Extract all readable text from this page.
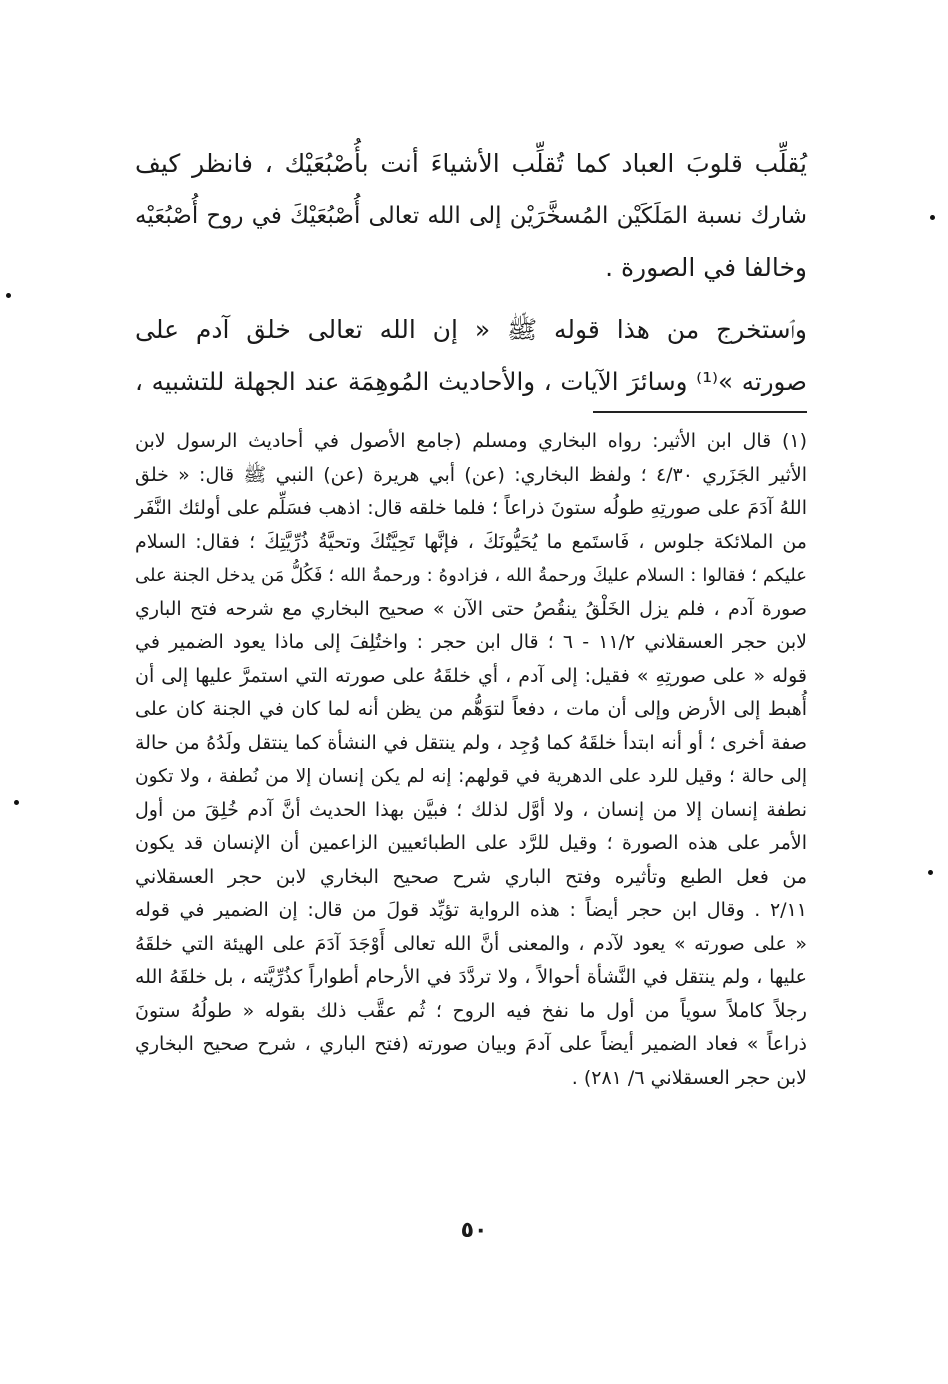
يُقلِّب قلوبَ العباد كما تُقلِّب الأشياءَ أنت بأُصْبُعَيْك ، فانظر كيف
شارك نسبة المَلَكَيْن المُسخَّرَيْن إلى الله تعالى أُصْبُعَيْكَ في روح أُصْبُعَيْه
وخالفا في الصورة .
وٱستخرج من هذا قوله ﷺ « إن الله تعالى خلق آدم على
صورته »⁽¹⁾ وسائرَ الآيات ، والأحاديث المُوهِمَة عند الجهلة للتشبيه ،
(١) قال ابن الأثير: رواه البخاري ومسلم (جامع الأصول في أحاديث الرسول لابن
الأثير الجَزَري ٤/٣٠ ؛ ولفظ البخاري: (عن) أبي هريرة (عن) النبي ﷺ قال: « خلق
اللهُ آدَمَ على صورتِهِ طولُه ستونَ ذراعاً ؛ فلما خلقه قال: اذهب فسَلِّم على أولئك النَّفَر
من الملائكة جلوس ، فَاستَمع ما يُحَيُّونَكَ ، فإنَّها تَحِيَّتُكَ وتحيَّةُ ذُرِّيَّتِكَ ؛ فقال: السلام
عليكم ؛ فقالوا : السلام عليكَ ورحمةُ الله ، فزادوهُ : ورحمةُ الله ؛ فَكُلُّ مَن يدخل الجنة على
صورة آدم ، فلم يزل الخَلْقُ ينقُصُ حتى الآن » صحيح البخاري مع شرحه فتح الباري
لابن حجر العسقلاني ١١/٢ - ٦ ؛ قال ابن حجر : واختُلِفَ إلى ماذا يعود الضمير في
قوله « على صورتِهِ » فقيل: إلى آدم ، أي خلقَهُ على صورته التي استمرَّ عليها إلى أن
أُهبط إلى الأرض وإلى أن مات ، دفعاً لتوَهُّم من يظن أنه لما كان في الجنة كان على
صفة أخرى ؛ أو أنه ابتدأ خلقَهُ كما وُجِد ، ولم ينتقل في النشأة كما ينتقل ولَدُهُ من حالة
إلى حالة ؛ وقيل للرد على الدهرية في قولهم: إنه لم يكن إنسان إلا من نُطفة ، ولا تكون
نطفة إنسان إلا من إنسان ، ولا أوَّل لذلك ؛ فبيَّن بهذا الحديث أنَّ آدم خُلِقَ من أول
الأمر على هذه الصورة ؛ وقيل للرَّد على الطبائعيين الزاعمين أن الإنسان قد يكون
من فعل الطبع وتأثيره وفتح الباري شرح صحيح البخاري لابن حجر العسقلاني
٢/١١ . وقال ابن حجر أيضاً : هذه الرواية تؤيِّد قولَ من قال: إن الضمير في قوله
« على صورته » يعود لآدم ، والمعنى أنَّ الله تعالى أَوْجَدَ آدَمَ على الهيئة التي خلقَهُ
عليها ، ولم ينتقل في النَّشأة أحوالاً ، ولا تردَّدَ في الأرحام أطواراً كذُرِّيَّته ، بل خلقَهُ الله
رجلاً كاملاً سوياً من أول ما نفخ فيه الروح ؛ ثُم عقَّب ذلك بقوله « طولُهُ ستونَ
ذراعاً » فعاد الضمير أيضاً على آدمَ وبيان صورته (فتح الباري ، شرح صحيح البخاري
لابن حجر العسقلاني ٦/ ٢٨١) .
٥٠
